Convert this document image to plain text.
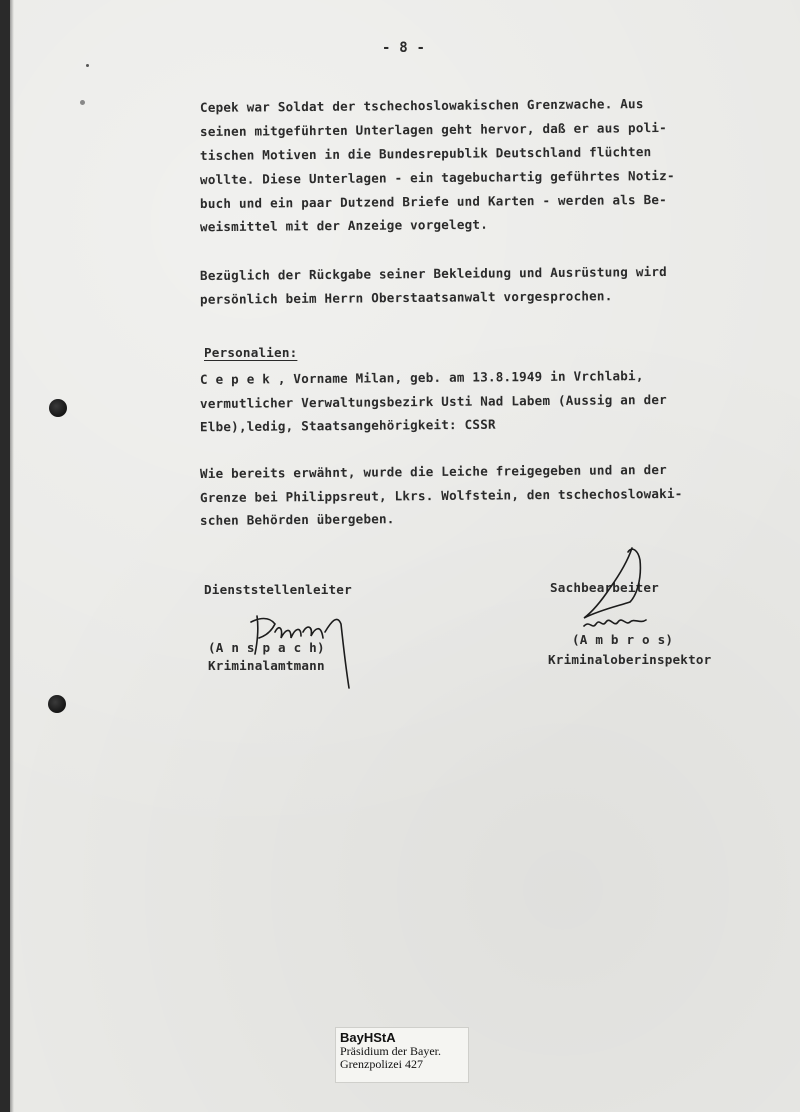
- 8 -
Cepek war Soldat der tschechoslowakischen Grenzwache. Aus
seinen mitgeführten Unterlagen geht hervor, daß er aus poli-
tischen Motiven in die Bundesrepublik Deutschland flüchten
wollte. Diese Unterlagen - ein tagebuchartig geführtes Notiz-
buch und ein paar Dutzend Briefe und Karten - werden als Be-
weismittel mit der Anzeige vorgelegt.
Bezüglich der Rückgabe seiner Bekleidung und Ausrüstung wird
persönlich beim Herrn Oberstaatsanwalt vorgesprochen.
Personalien:
C e p e k , Vorname Milan, geb. am 13.8.1949 in Vrchlabi,
vermutlicher Verwaltungsbezirk Usti Nad Labem (Aussig an der
Elbe),ledig, Staatsangehörigkeit: CSSR
Wie bereits erwähnt, wurde die Leiche freigegeben und an der
Grenze bei Philippsreut, Lkrs. Wolfstein, den tschechoslowaki-
schen Behörden übergeben.
Dienststellenleiter
(A n s p a c h)
Kriminalamtmann
Sachbearbeiter
(A m b r o s)
Kriminaloberinspektor
BayHStA
Präsidium der Bayer.
Grenzpolizei 427
